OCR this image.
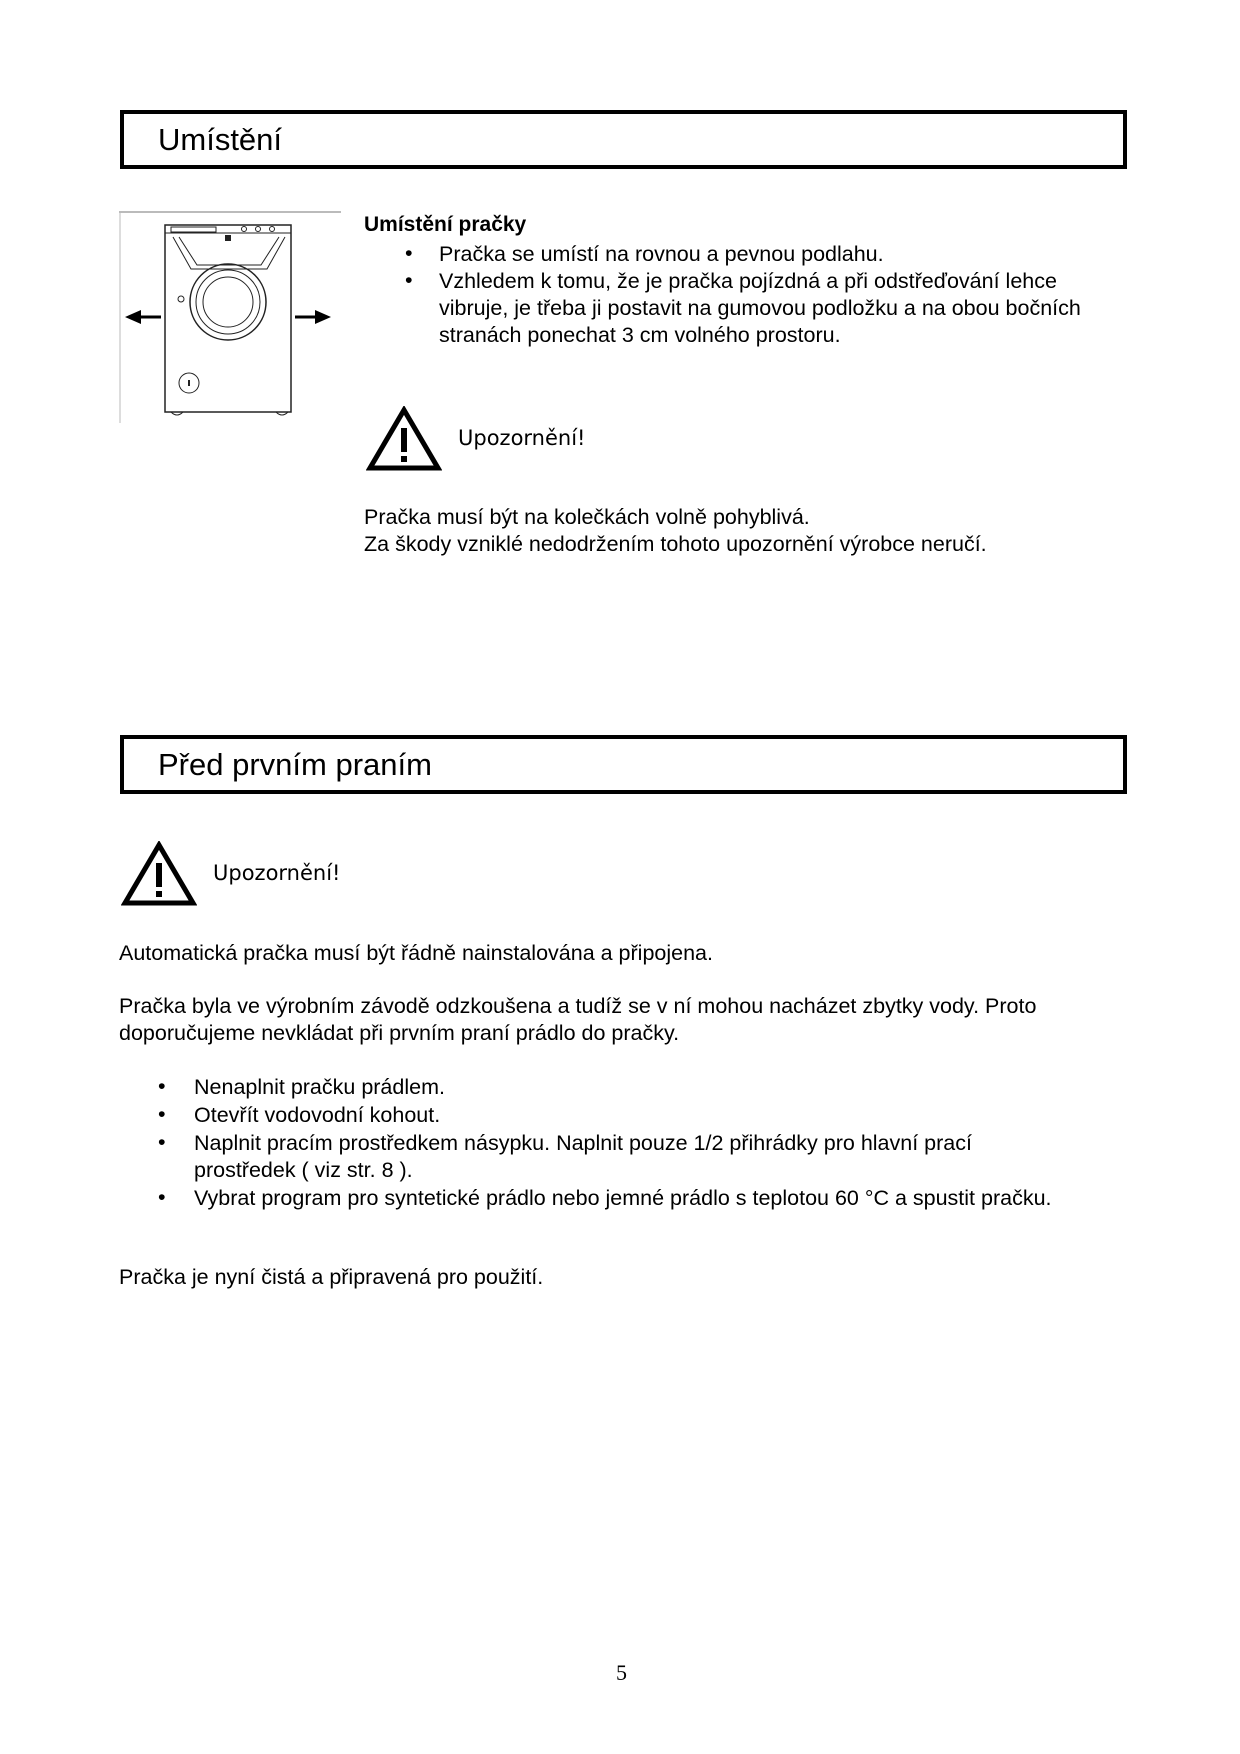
Umístění
Umístění pračky
• Pračka se umístí na rovnou a pevnou podlahu.
• Vzhledem k tomu, že je pračka pojízdná a při odstřeďování lehce
vibruje, je třeba ji postavit na gumovou podložku a na obou bočních
stranách ponechat 3 cm volného prostoru.
Upozornění!
Pračka musí být na kolečkách volně pohyblivá.
Za škody vzniklé nedodržením tohoto upozornění výrobce neručí.
Před prvním praním
Upozornění!
Automatická pračka musí být řádně nainstalována a připojena.
Pračka byla ve výrobním závodě odzkoušena a tudíž se v ní mohou nacházet zbytky vody. Proto
doporučujeme nevkládat při prvním praní prádlo do pračky.
• Nenaplnit pračku prádlem.
• Otevřít vodovodní kohout.
• Naplnit pracím prostředkem násypku. Naplnit pouze 1/2 přihrádky pro hlavní prací
prostředek ( viz str. 8 ).
• Vybrat program pro syntetické prádlo nebo jemné prádlo s teplotou 60 °C a spustit pračku.
Pračka je nyní čistá a připravená pro použití.
5
